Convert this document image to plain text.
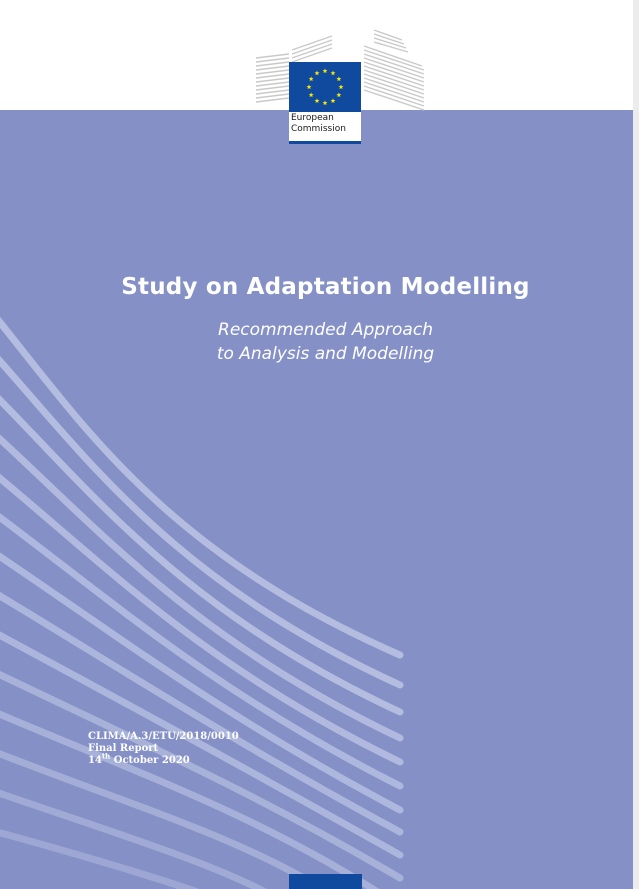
European
Commission
Study on Adaptation Modelling
Recommended Approach
to Analysis and Modelling
CLIMA/A.3/ETU/2018/0010
Final Report
14th October 2020
